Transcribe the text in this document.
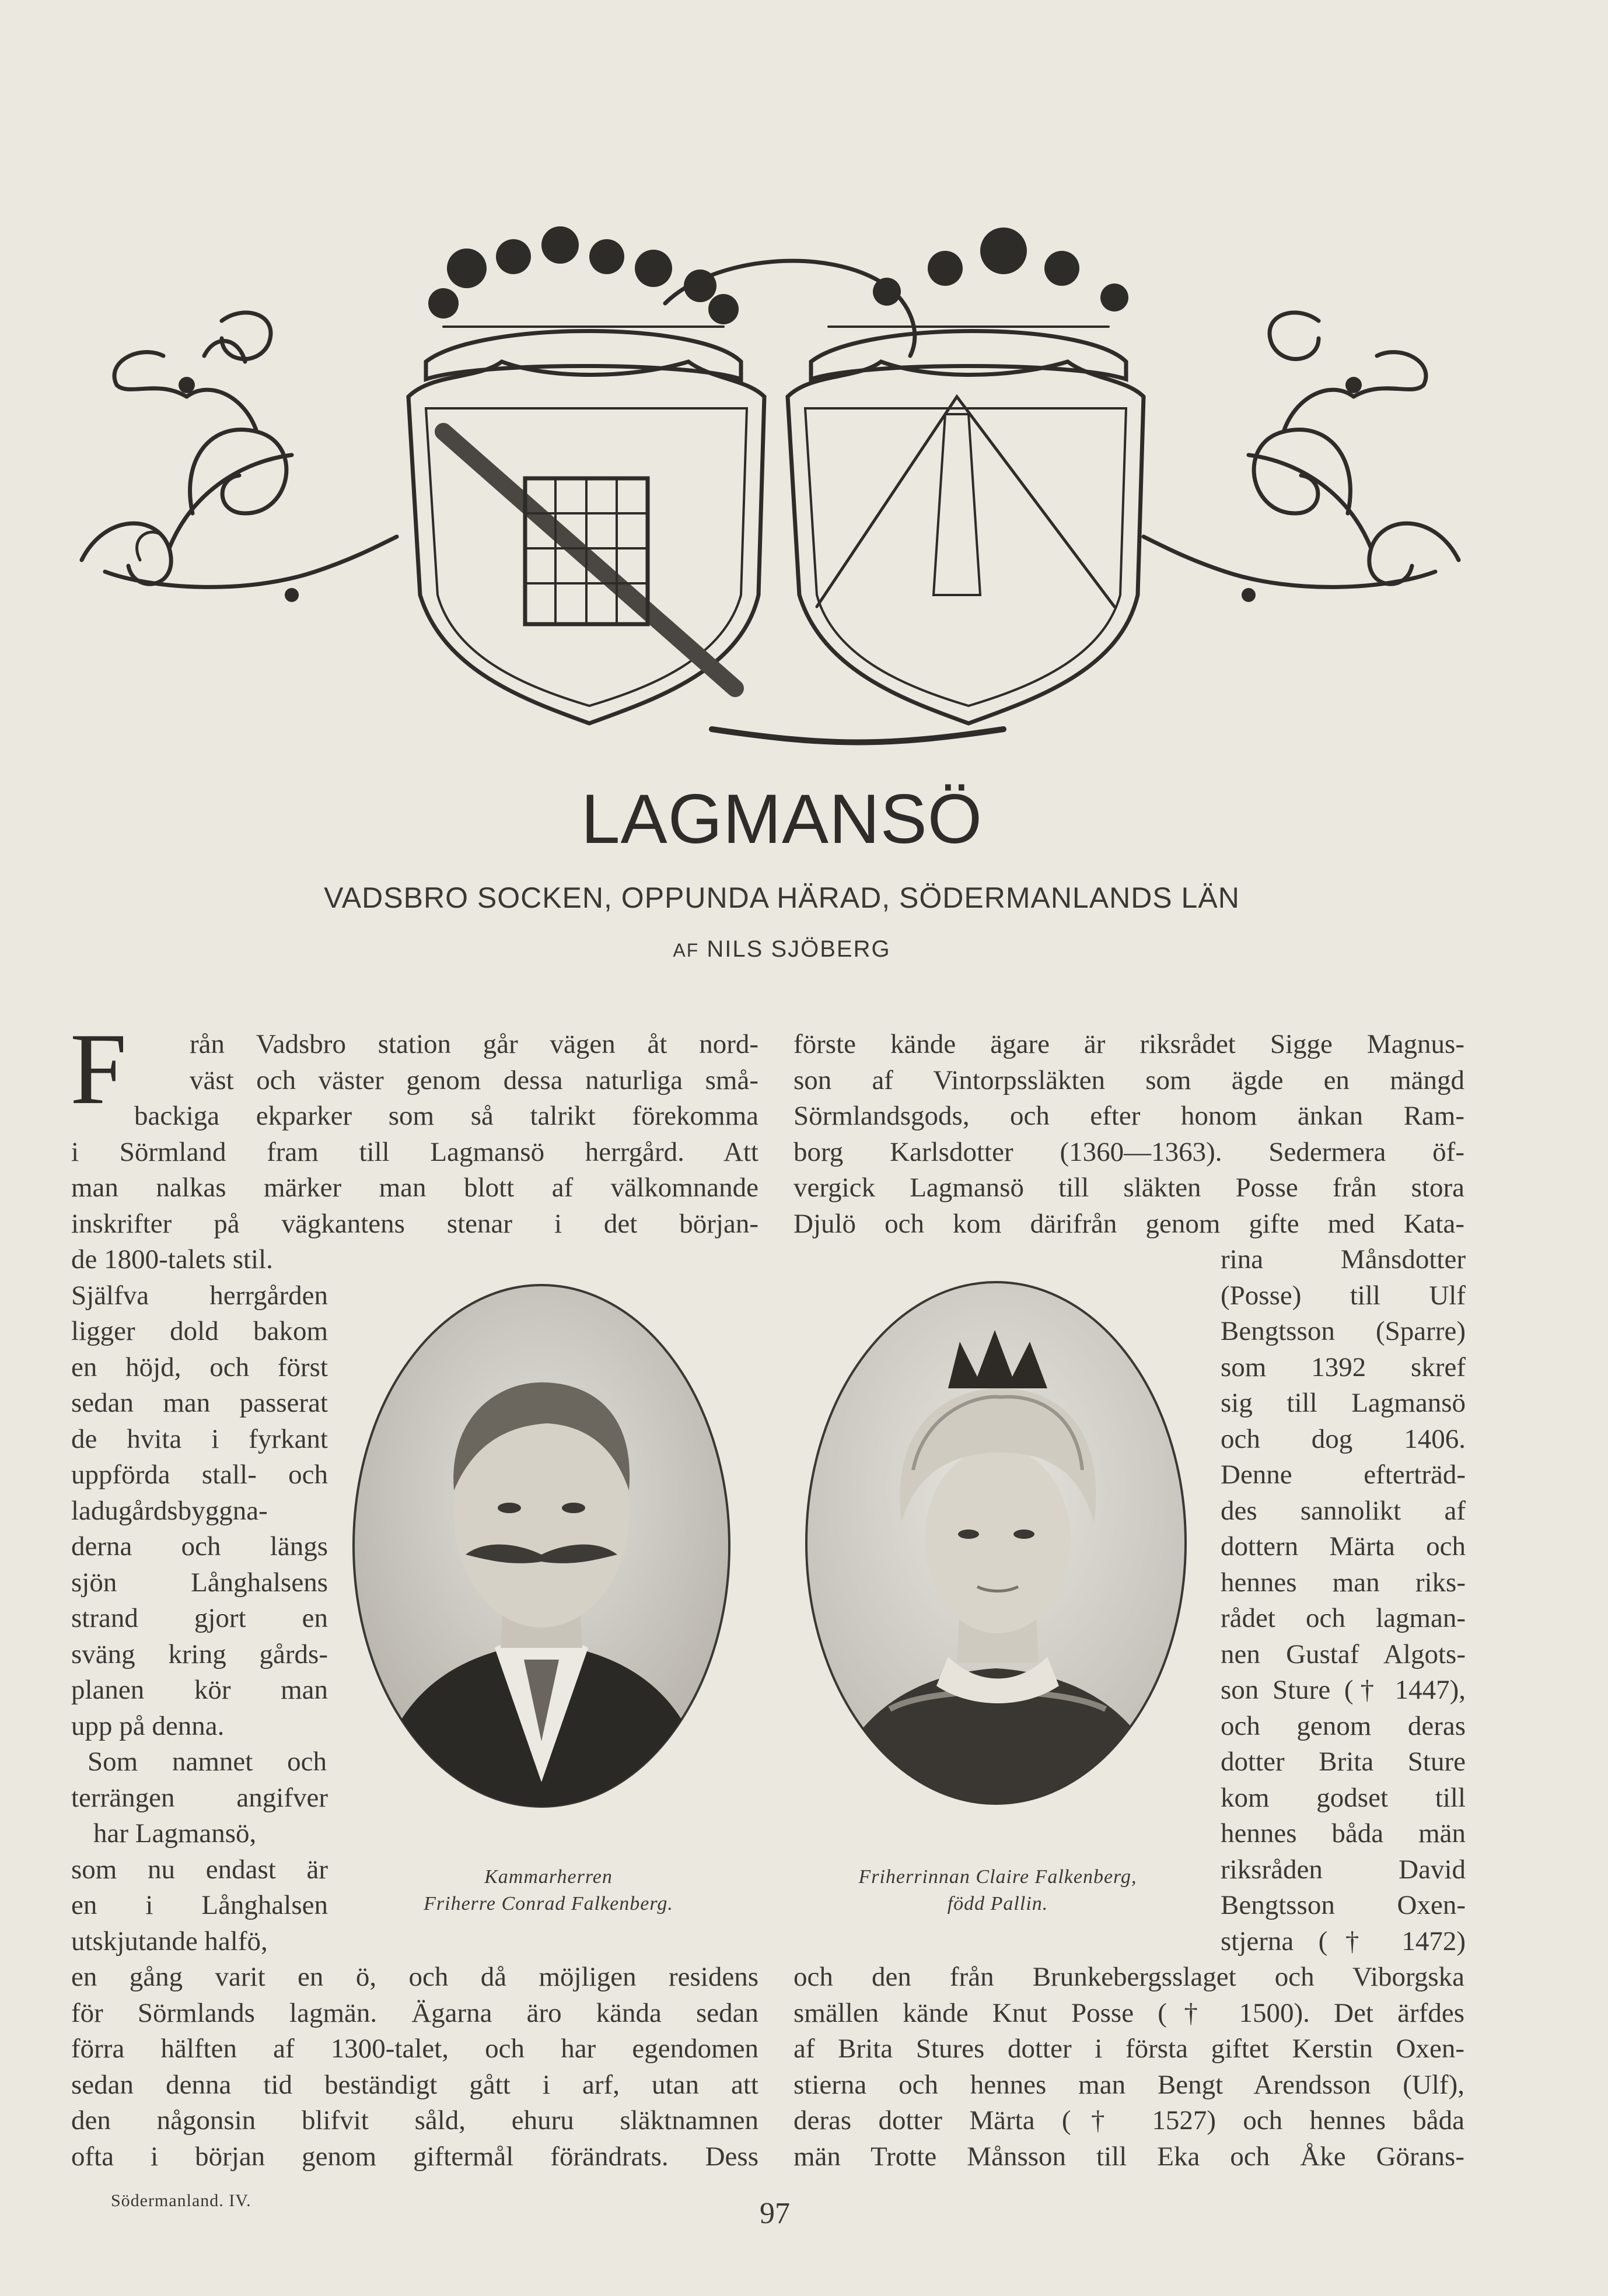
LAGMANSÖ
VADSBRO SOCKEN, OPPUNDA HÄRAD, SÖDERMANLANDS LÄN
AF NILS SJÖBERG
F rån Vadsbro station går vägen åt nord-
väst och väster genom dessa naturliga små-
backiga ekparker som så talrikt förekomma
i Sörmland fram till Lagmansö herrgård. Att
man nalkas märker man blott af välkomnande
inskrifter på vägkantens stenar i det början-
de 1800-talets stil.
Själfva herrgården
ligger dold bakom
en höjd, och först
sedan man passerat
de hvita i fyrkant
uppförda stall- och
ladugårdsbyggna-
derna och längs
sjön Långhalsens
strand gjort en
sväng kring gårds-
planen kör man
upp på denna.
Som namnet och
terrängen angifver
har Lagmansö,
som nu endast är
en i Långhalsen
utskjutande halfö,
en gång varit en ö, och då möjligen residens
för Sörmlands lagmän. Ägarna äro kända sedan
förra hälften af 1300-talet, och har egendomen
sedan denna tid beständigt gått i arf, utan att
den någonsin blifvit såld, ehuru släktnamnen
ofta i början genom giftermål förändrats. Dess
förste kände ägare är riksrådet Sigge Magnus-
son af Vintorpssläkten som ägde en mängd
Sörmlandsgods, och efter honom änkan Ram-
borg Karlsdotter (1360—1363). Sedermera öf-
vergick Lagmansö till släkten Posse från stora
Djulö och kom därifrån genom gifte med Kata-
rina Månsdotter
(Posse) till Ulf
Bengtsson (Sparre)
som 1392 skref
sig till Lagmansö
och dog 1406.
Denne efterträd-
des sannolikt af
dottern Märta och
hennes man riks-
rådet och lagman-
nen Gustaf Algots-
son Sture († 1447),
och genom deras
dotter Brita Sture
kom godset till
hennes båda män
riksråden David
Bengtsson Oxen-
stjerna († 1472)
och den från Brunkebergsslaget och Viborgska
smällen kände Knut Posse († 1500). Det ärfdes
af Brita Stures dotter i första giftet Kerstin Oxen-
stierna och hennes man Bengt Arendsson (Ulf),
deras dotter Märta († 1527) och hennes båda
män Trotte Månsson till Eka och Åke Görans-
Kammarherren
Friherre Conrad Falkenberg.
Friherrinnan Claire Falkenberg,
född Pallin.
Södermanland. IV.	97
